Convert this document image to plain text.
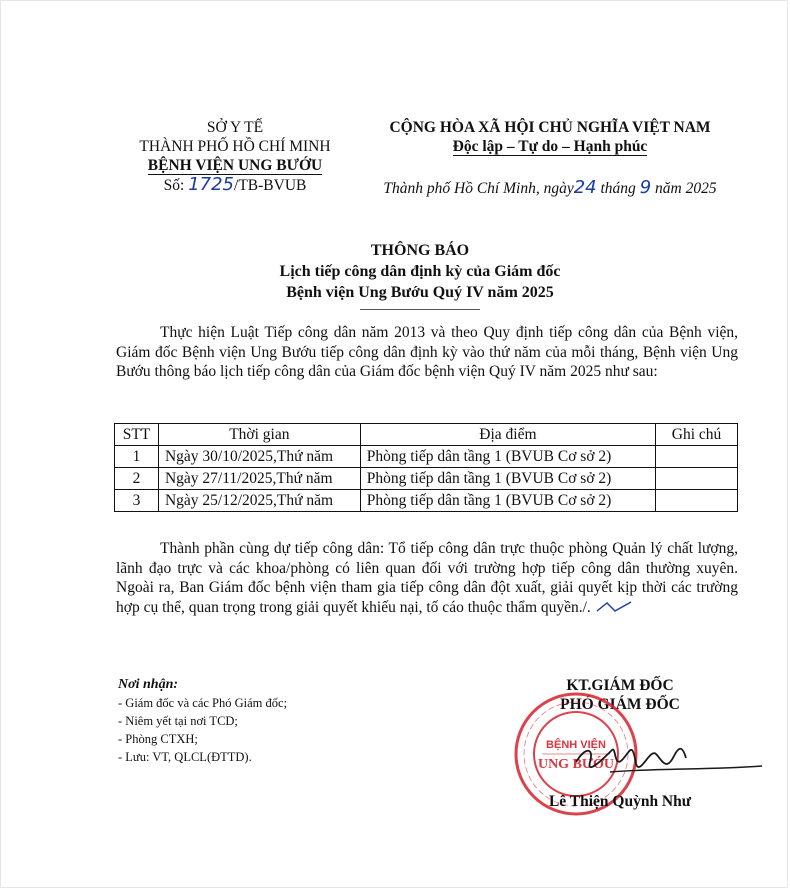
SỞ Y TẾ
THÀNH PHỐ HỒ CHÍ MINH
BỆNH VIỆN UNG BƯỚU
Số: 1725/TB-BVUB
CỘNG HÒA XÃ HỘI CHỦ NGHĨA VIỆT NAM
Độc lập – Tự do – Hạnh phúc
Thành phố Hồ Chí Minh, ngày24 tháng 9 năm 2025
THÔNG BÁO
Lịch tiếp công dân định kỳ của Giám đốc
Bệnh viện Ung Bướu Quý IV năm 2025
Thực hiện Luật Tiếp công dân năm 2013 và theo Quy định tiếp công dân của Bệnh viện, Giám đốc Bệnh viện Ung Bướu tiếp công dân định kỳ vào thứ năm của mỗi tháng, Bệnh viện Ung Bướu thông báo lịch tiếp công dân của Giám đốc bệnh viện Quý IV năm 2025 như sau:
STT	Thời gian	Địa điểm	Ghi chú
1	Ngày 30/10/2025,Thứ năm	Phòng tiếp dân tầng 1 (BVUB Cơ sở 2)	
2	Ngày 27/11/2025,Thứ năm	Phòng tiếp dân tầng 1 (BVUB Cơ sở 2)	
3	Ngày 25/12/2025,Thứ năm	Phòng tiếp dân tầng 1 (BVUB Cơ sở 2)	
Thành phần cùng dự tiếp công dân: Tổ tiếp công dân trực thuộc phòng Quản lý chất lượng, lãnh đạo trực và các khoa/phòng có liên quan đối với trường hợp tiếp công dân thường xuyên. Ngoài ra, Ban Giám đốc bệnh viện tham gia tiếp công dân đột xuất, giải quyết kịp thời các trường hợp cụ thể, quan trọng trong giải quyết khiếu nại, tố cáo thuộc thẩm quyền./.
Nơi nhận:
- Giám đốc và các Phó Giám đốc;
- Niêm yết tại nơi TCD;
- Phòng CTXH;
- Lưu: VT, QLCL(ĐTTD).
KT.GIÁM ĐỐC
PHÓ GIÁM ĐỐC
BỆNH VIỆN
UNG BƯỚU
Lê Thiện Quỳnh Như
